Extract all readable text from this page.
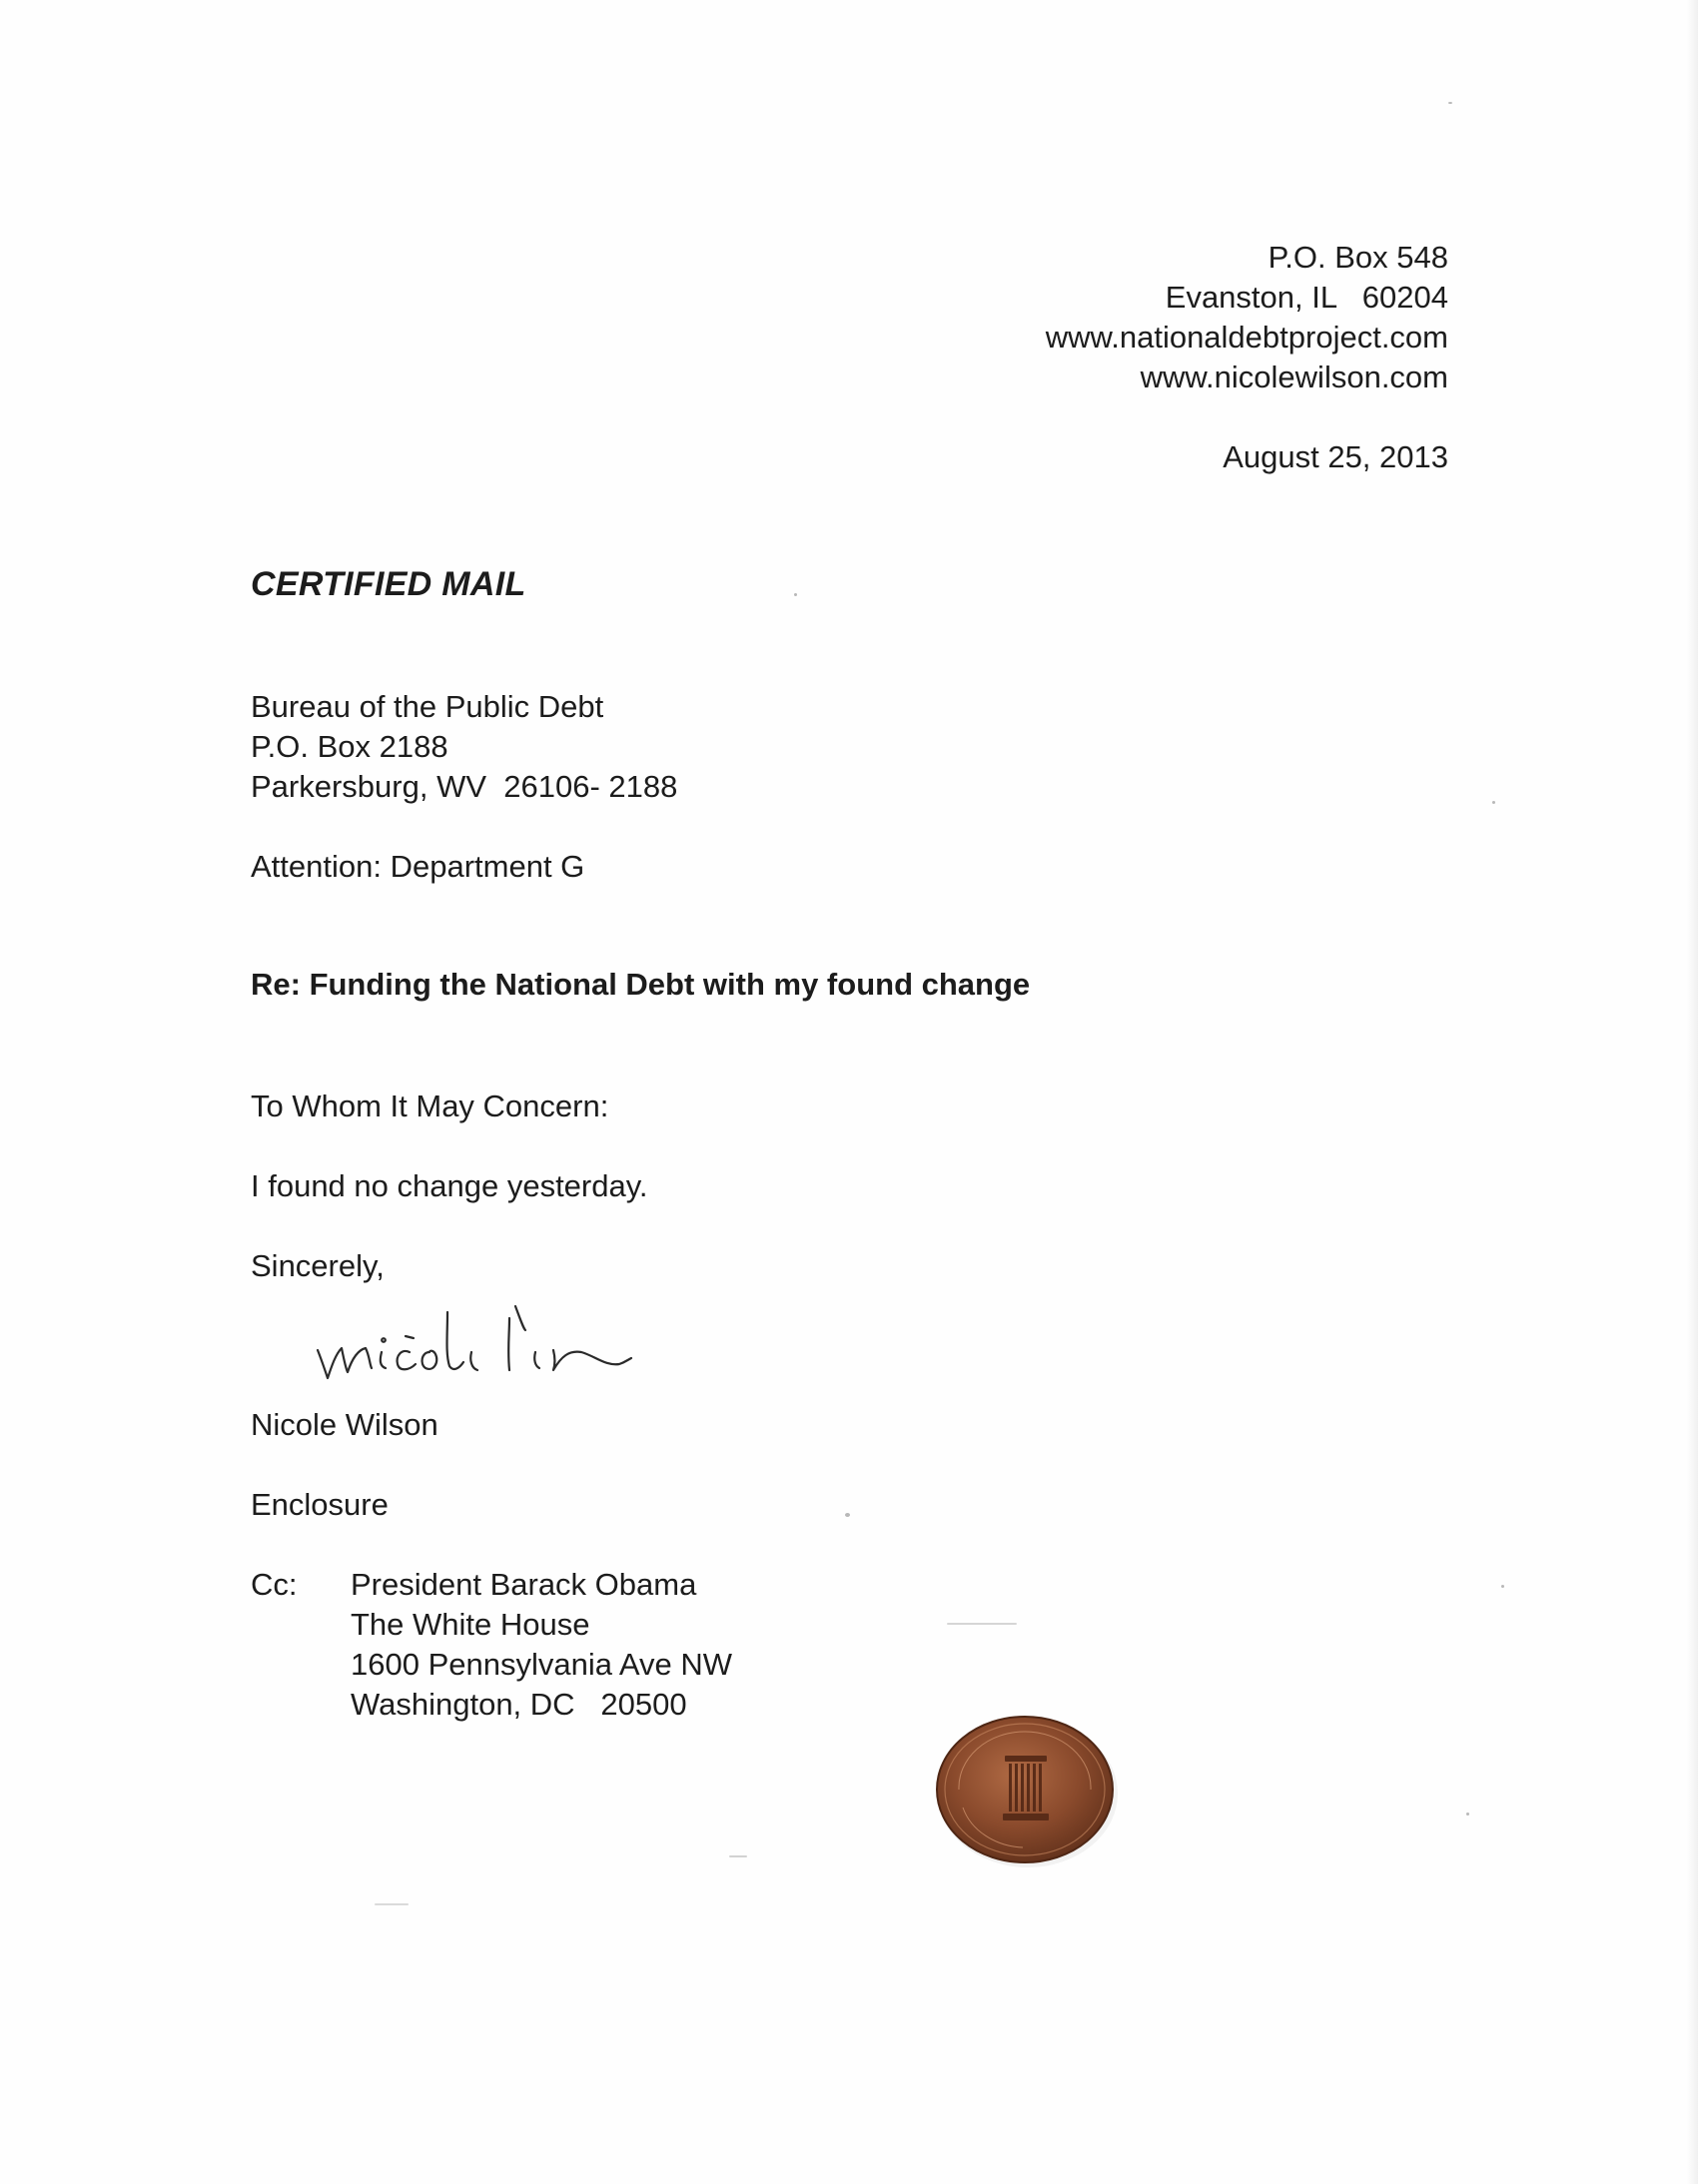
P.O. Box 548
Evanston, IL   60204
www.nationaldebtproject.com
www.nicolewilson.com
August 25, 2013
CERTIFIED MAIL
Bureau of the Public Debt
P.O. Box 2188
Parkersburg, WV  26106- 2188
Attention: Department G
Re: Funding the National Debt with my found change
To Whom It May Concern:
I found no change yesterday.
Sincerely,
Nicole Wilson
Enclosure
Cc: President Barack Obama
The White House
1600 Pennsylvania Ave NW
Washington, DC   20500
